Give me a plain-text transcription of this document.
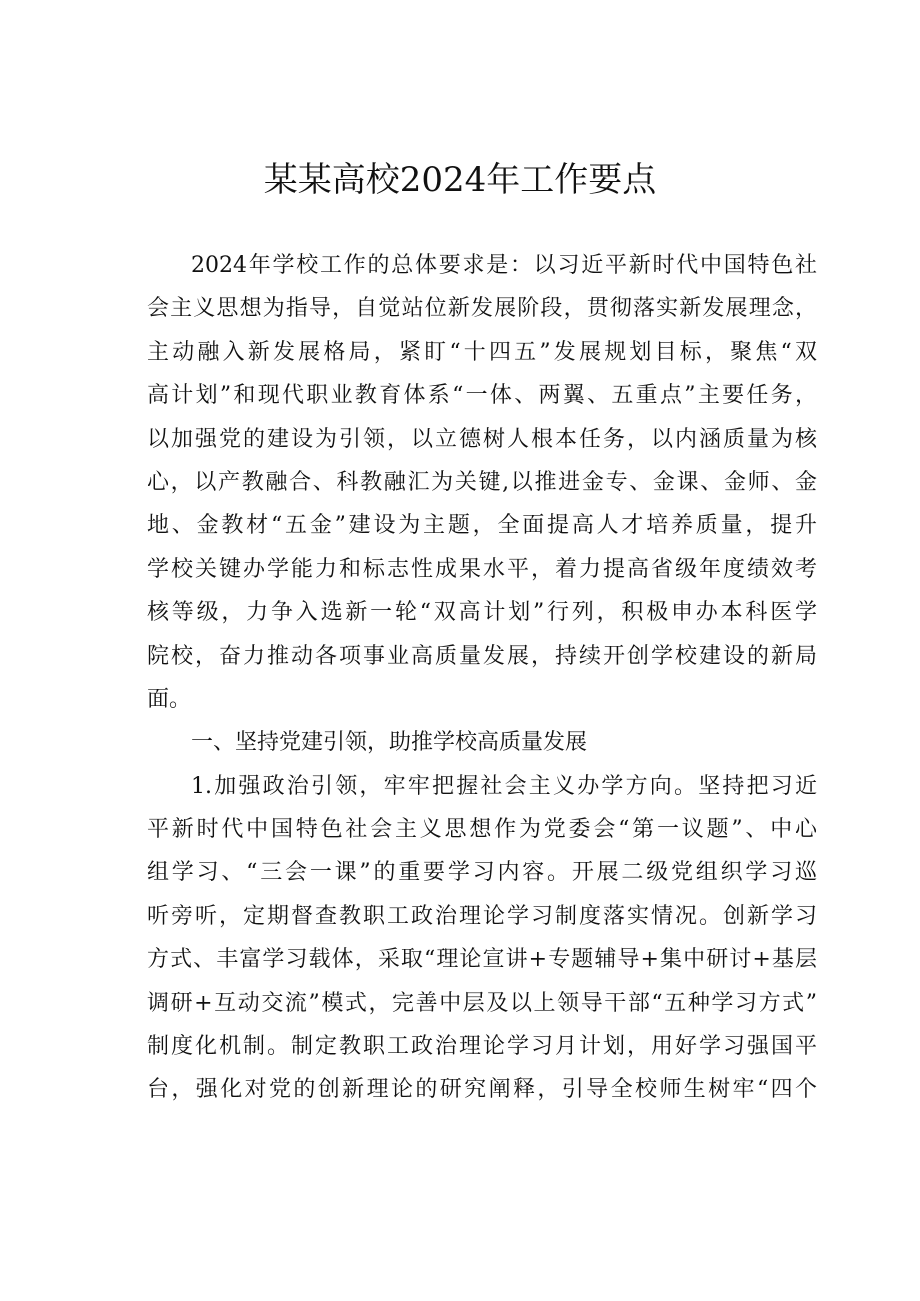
某某高校2024年工作要点
2024年学校工作的总体要求是：以习近平新时代中国特色社
会主义思想为指导，自觉站位新发展阶段，贯彻落实新发展理念，
主动融入新发展格局，紧盯“十四五”发展规划目标，聚焦“双
高计划”和现代职业教育体系“一体、两翼、五重点”主要任务，
以加强党的建设为引领，以立德树人根本任务，以内涵质量为核
心，以产教融合、科教融汇为关键,以推进金专、金课、金师、金
地、金教材“五金”建设为主题，全面提高人才培养质量，提升
学校关键办学能力和标志性成果水平，着力提高省级年度绩效考
核等级，力争入选新一轮“双高计划”行列，积极申办本科医学
院校，奋力推动各项事业高质量发展，持续开创学校建设的新局
面。
一、坚持党建引领，助推学校高质量发展
1.加强政治引领，牢牢把握社会主义办学方向。坚持把习近
平新时代中国特色社会主义思想作为党委会“第一议题”、中心
组学习、“三会一课”的重要学习内容。开展二级党组织学习巡
听旁听，定期督查教职工政治理论学习制度落实情况。创新学习
方式、丰富学习载体，采取“理论宣讲+专题辅导+集中研讨+基层
调研+互动交流”模式，完善中层及以上领导干部“五种学习方式”
制度化机制。制定教职工政治理论学习月计划，用好学习强国平
台，强化对党的创新理论的研究阐释，引导全校师生树牢“四个
